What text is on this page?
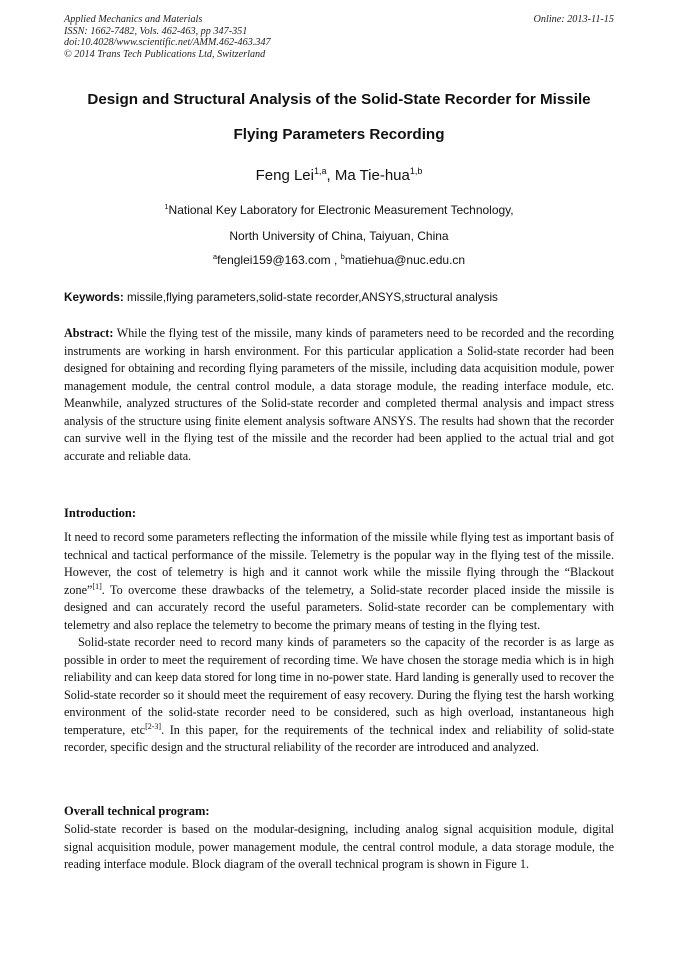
Applied Mechanics and Materials
ISSN: 1662-7482, Vols. 462-463, pp 347-351
doi:10.4028/www.scientific.net/AMM.462-463.347
© 2014 Trans Tech Publications Ltd, Switzerland
Online: 2013-11-15
Design and Structural Analysis of the Solid-State Recorder for Missile
Flying Parameters Recording
Feng Lei$^{1,a}$, Ma Tie-hua$^{1,b}$
$^1$National Key Laboratory for Electronic Measurement Technology,
North University of China, Taiyuan, China
$^a$fenglei159@163.com , $^b$matiehua@nuc.edu.cn
Keywords: missile,flying parameters,solid-state recorder,ANSYS,structural analysis

Abstract: While the flying test of the missile, many kinds of parameters need to be recorded and the recording instruments are working in harsh environment. For this particular application a Solid-state recorder had been designed for obtaining and recording flying parameters of the missile, including data acquisition module, power management module, the central control module, a data storage module, the reading interface module, etc. Meanwhile, analyzed structures of the Solid-state recorder and completed thermal analysis and impact stress analysis of the structure using finite element analysis software ANSYS. The results had shown that the recorder can survive well in the flying test of the missile and the recorder had been applied to the actual trial and got accurate and reliable data.

Introduction:

It need to record some parameters reflecting the information of the missile while flying test as important basis of technical and tactical performance of the missile. Telemetry is the popular way in the flying test of the missile. However, the cost of telemetry is high and it cannot work while the missile flying through the “Blackout zone”[1]. To overcome these drawbacks of the telemetry, a Solid-state recorder placed inside the missile is designed and can accurately record the useful parameters. Solid-state recorder can be complementary with telemetry and also replace the telemetry to become the primary means of testing in the flying test.

Solid-state recorder need to record many kinds of parameters so the capacity of the recorder is as large as possible in order to meet the requirement of recording time. We have chosen the storage media which is in high reliability and can keep data stored for long time in no-power state. Hard landing is generally used to recover the Solid-state recorder so it should meet the requirement of easy recovery. During the flying test the harsh working environment of the solid-state recorder need to be considered, such as high overload, instantaneous high temperature, etc[2-3]. In this paper, for the requirements of the technical index and reliability of solid-state recorder, specific design and the structural reliability of the recorder are introduced and analyzed.

Overall technical program:

Solid-state recorder is based on the modular-designing, including analog signal acquisition module, digital signal acquisition module, power management module, the central control module, a data storage module, the reading interface module. Block diagram of the overall technical program is shown in Figure 1.
